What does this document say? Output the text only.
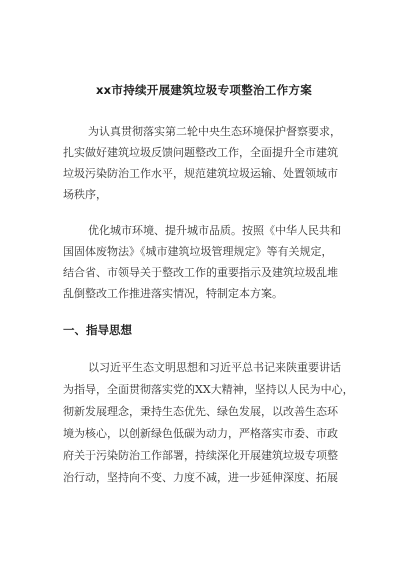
xx市持续开展建筑垃圾专项整治工作方案
为认真贯彻落实第二轮中央生态环境保护督察要求，
扎实做好建筑垃圾反馈问题整改工作，全面提升全市建筑
垃圾污染防治工作水平，规范建筑垃圾运输、处置领域市
场秩序，
优化城市环境、提升城市品质。按照《中华人民共和
国固体废物法》《城市建筑垃圾管理规定》等有关规定，
结合省、市领导关于整改工作的重要指示及建筑垃圾乱堆
乱倒整改工作推进落实情况，特制定本方案。
一、指导思想
以习近平生态文明思想和习近平总书记来陕重要讲话
为指导，全面贯彻落实党的XX大精神，坚持以人民为中心，
彻新发展理念，秉持生态优先、绿色发展，以改善生态环
境为核心，以创新绿色低碳为动力，严格落实市委、市政
府关于污染防治工作部署，持续深化开展建筑垃圾专项整
治行动，坚持向不变、力度不减，进一步延伸深度、拓展
